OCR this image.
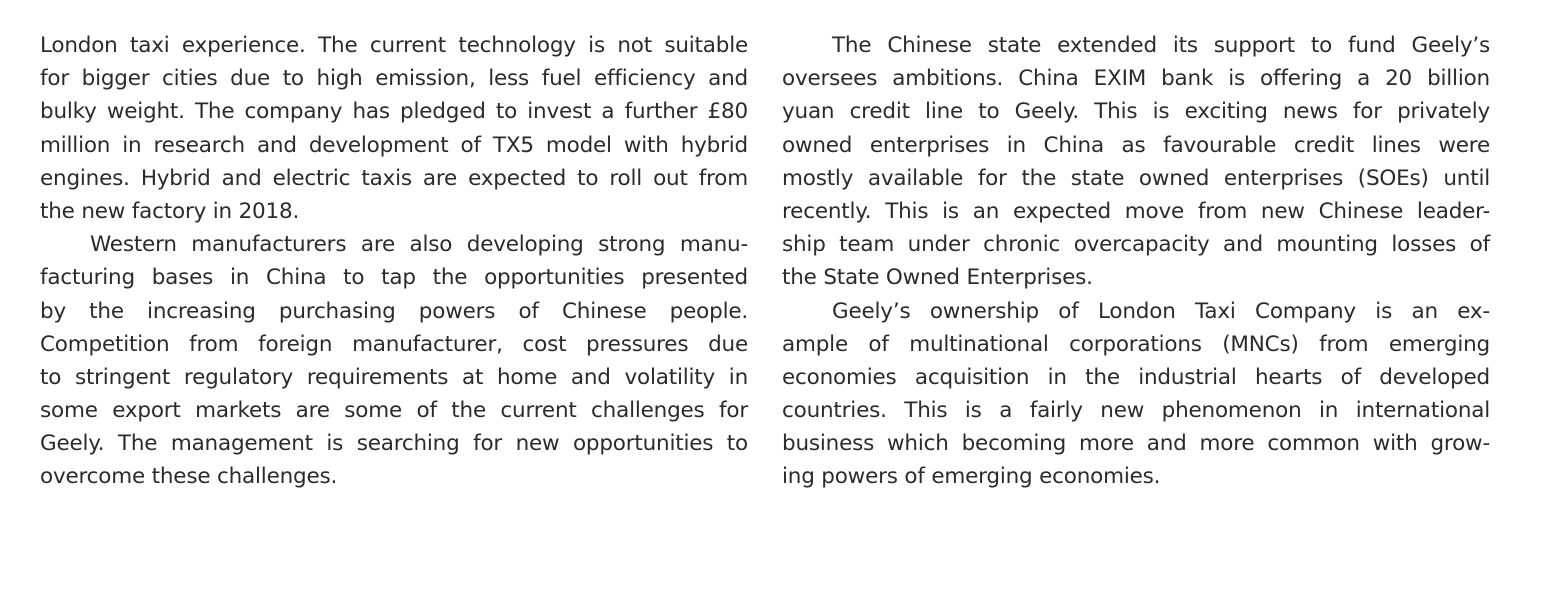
London taxi experience. The current technology is not suitable
for bigger cities due to high emission, less fuel efficiency and
bulky weight. The company has pledged to invest a further £80
million in research and development of TX5 model with hybrid
engines. Hybrid and electric taxis are expected to roll out from
the new factory in 2018.
Western manufacturers are also developing strong manu-
facturing bases in China to tap the opportunities presented
by the increasing purchasing powers of Chinese people.
Competition from foreign manufacturer, cost pressures due
to stringent regulatory requirements at home and volatility in
some export markets are some of the current challenges for
Geely. The management is searching for new opportunities to
overcome these challenges.
The Chinese state extended its support to fund Geely’s
oversees ambitions. China EXIM bank is offering a 20 billion
yuan credit line to Geely. This is exciting news for privately
owned enterprises in China as favourable credit lines were
mostly available for the state owned enterprises (SOEs) until
recently. This is an expected move from new Chinese leader-
ship team under chronic overcapacity and mounting losses of
the State Owned Enterprises.
Geely’s ownership of London Taxi Company is an ex-
ample of multinational corporations (MNCs) from emerging
economies acquisition in the industrial hearts of developed
countries. This is a fairly new phenomenon in international
business which becoming more and more common with grow-
ing powers of emerging economies.
